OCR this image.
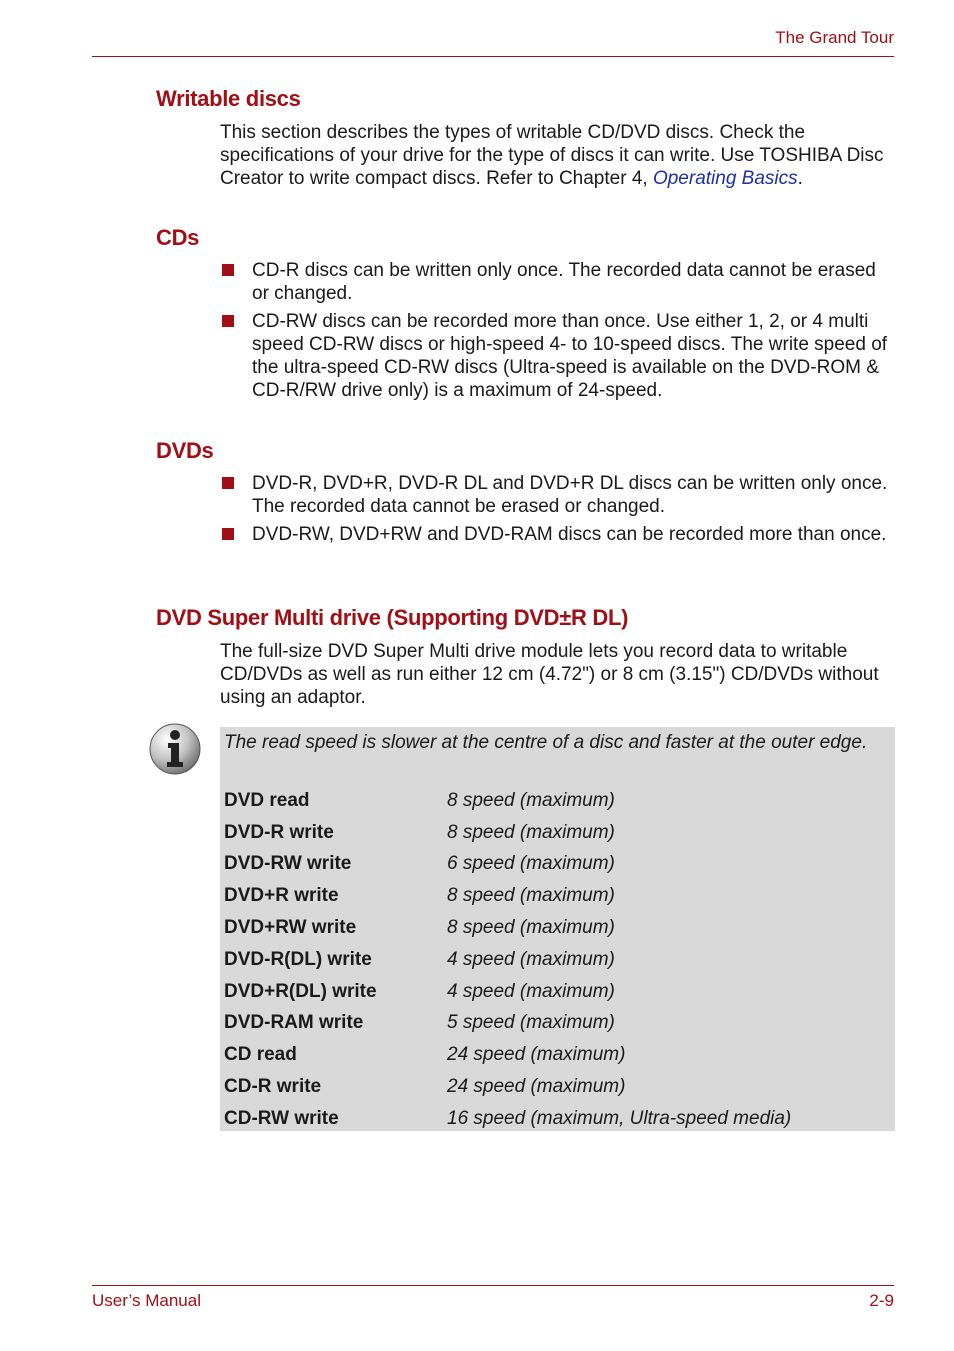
The Grand Tour
Writable discs

This section describes the types of writable CD/DVD discs. Check the specifications of your drive for the type of discs it can write. Use TOSHIBA Disc Creator to write compact discs. Refer to Chapter 4, Operating Basics.

CDs
CD-R discs can be written only once. The recorded data cannot be erased or changed.
CD-RW discs can be recorded more than once. Use either 1, 2, or 4 multi speed CD-RW discs or high-speed 4- to 10-speed discs. The write speed of the ultra-speed CD-RW discs (Ultra-speed is available on the DVD-ROM & CD-R/RW drive only) is a maximum of 24-speed.
DVDs
DVD-R, DVD+R, DVD-R DL and DVD+R DL discs can be written only once. The recorded data cannot be erased or changed.
DVD-RW, DVD+RW and DVD-RAM discs can be recorded more than once.
DVD Super Multi drive (Supporting DVD±R DL)

The full-size DVD Super Multi drive module lets you record data to writable CD/DVDs as well as run either 12 cm (4.72") or 8 cm (3.15") CD/DVDs without using an adaptor.

The read speed is slower at the centre of a disc and faster at the outer edge.

DVD read	8 speed (maximum)
DVD-R write	8 speed (maximum)
DVD-RW write	6 speed (maximum)
DVD+R write	8 speed (maximum)
DVD+RW write	8 speed (maximum)
DVD-R(DL) write	4 speed (maximum)
DVD+R(DL) write	4 speed (maximum)
DVD-RAM write	5 speed (maximum)
CD read	24 speed (maximum)
CD-R write	24 speed (maximum)
CD-RW write	16 speed (maximum, Ultra-speed media)
User’s Manual	2-9
